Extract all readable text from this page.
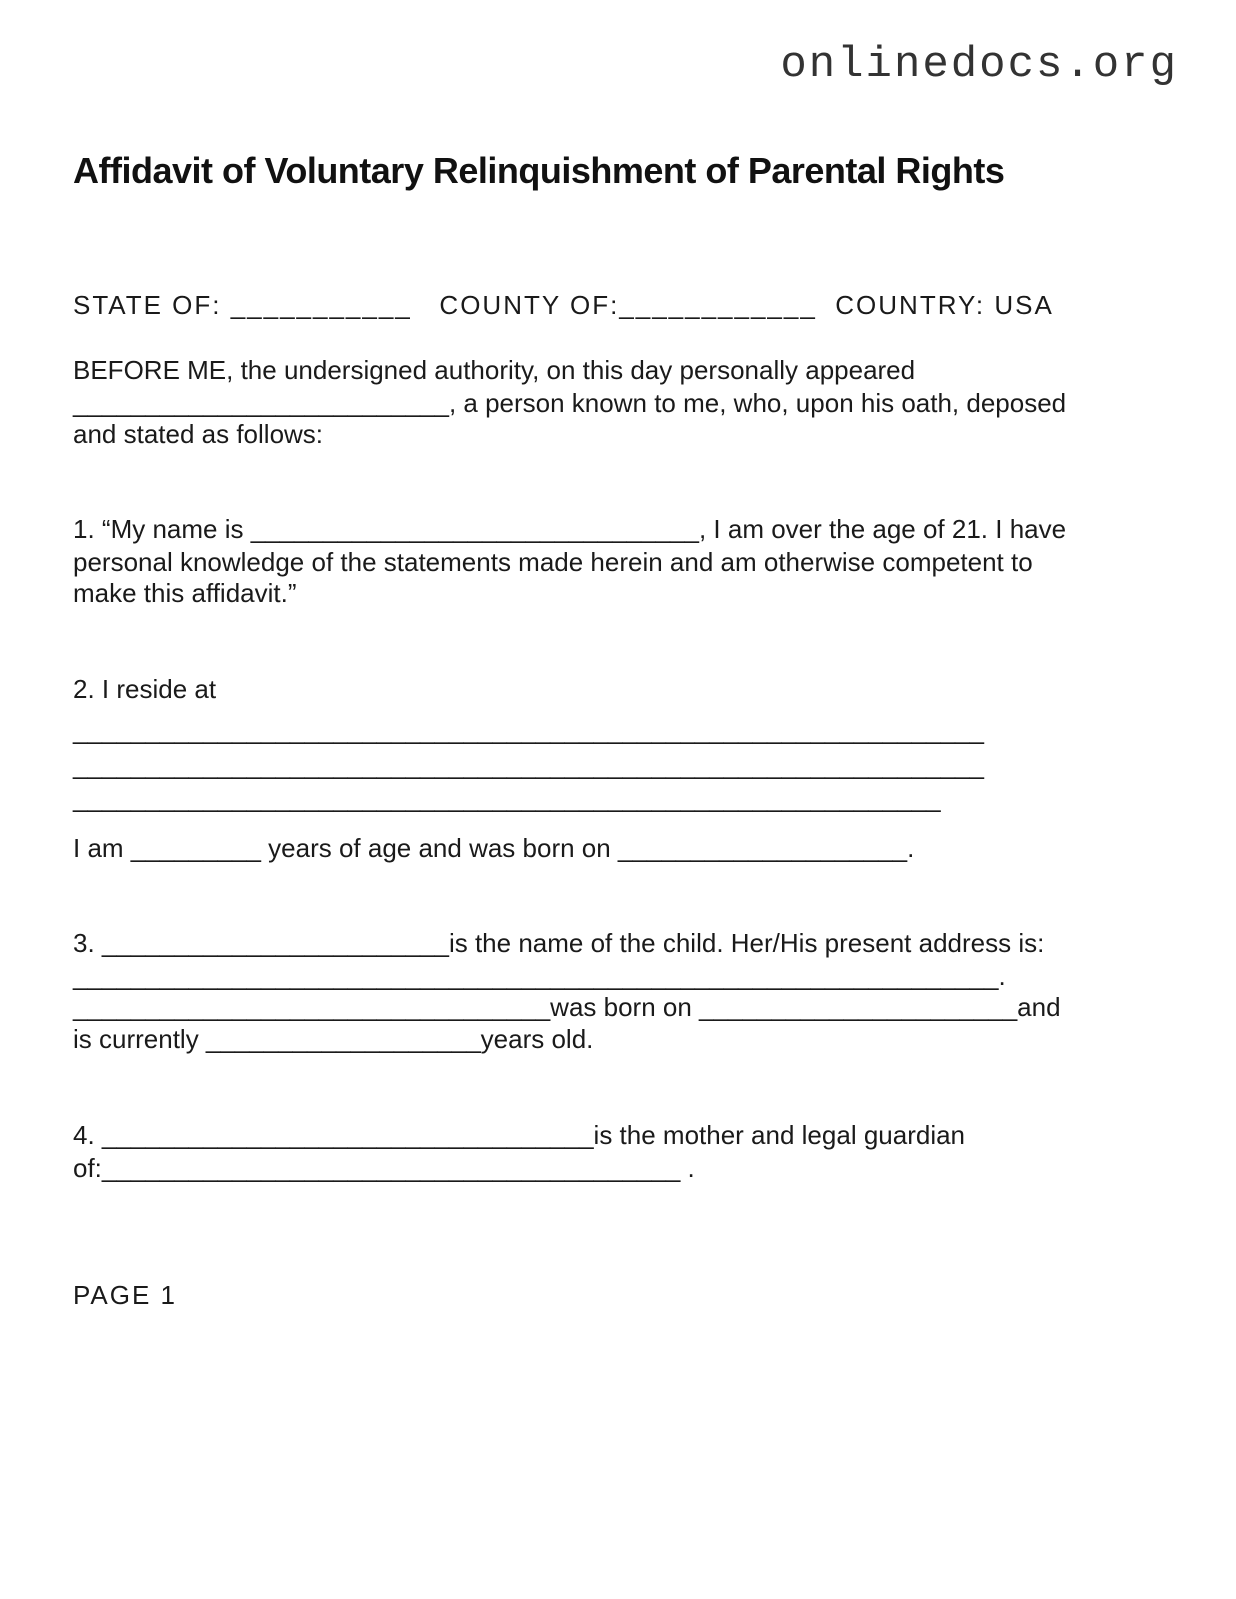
onlinedocs.org
Affidavit of Voluntary Relinquishment of Parental Rights
STATE OF: ___________   COUNTY OF:____________  COUNTRY: USA
BEFORE ME, the undersigned authority, on this day personally appeared
__________________________, a person known to me, who, upon his oath, deposed
and stated as follows:
1. “My name is _______________________________, I am over the age of 21. I have
personal knowledge of the statements made herein and am otherwise competent to
make this affidavit.”
2. I reside at
_______________________________________________________________
_______________________________________________________________
____________________________________________________________
I am _________ years of age and was born on ____________________.
3. ________________________is the name of the child. Her/His present address is:
________________________________________________________________.
_________________________________was born on ______________________and
is currently ___________________years old.
4. __________________________________is the mother and legal guardian
of:________________________________________ .
PAGE 1
